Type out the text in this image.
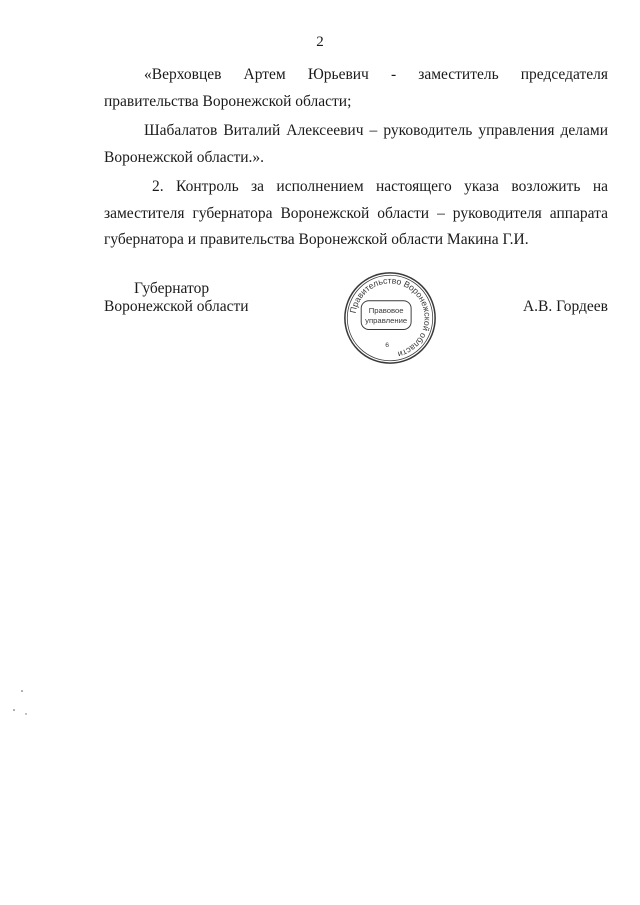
2

«Верховцев Артем Юрьевич - заместитель председателя правительства Воронежской области;

Шабалатов Виталий Алексеевич – руководитель управления делами Воронежской области.».

2. Контроль за исполнением настоящего указа возложить на заместителя губернатора Воронежской области – руководителя аппарата губернатора и правительства Воронежской области Макина Г.И.

Губернатор
Воронежской области	Правительство Воронежской области
Правовое
управление
6
А.В. Гордеев
